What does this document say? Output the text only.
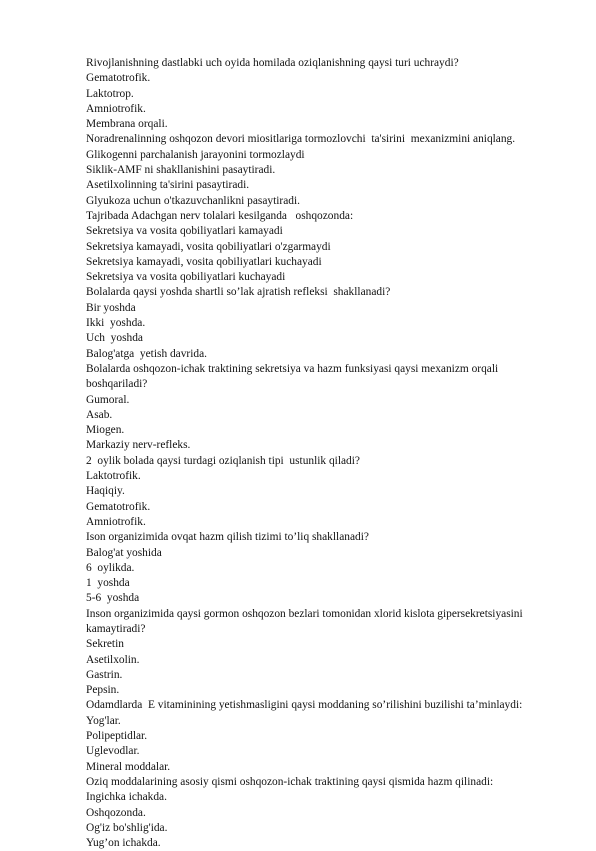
Rivojlanishning dastlabki uch oyida homilada oziqlanishning qaysi turi uchraydi?

Gematotrofik.

Laktotrop.

Amniotrofik.

Membrana orqali.

Noradrenalinning oshqozon devori miositlariga tormozlovchi  ta'sirini  mexanizmini aniqlang.

Glikogenni parchalanish jarayonini tormozlaydi

Siklik-AMF ni shakllanishini pasaytiradi.

Asetilxolinning ta'sirini pasaytiradi.

Glyukoza uchun o'tkazuvchanlikni pasaytiradi.

Tajribada Adachgan nerv tolalari kesilganda   oshqozonda:

Sekretsiya va vosita qobiliyatlari kamayadi

Sekretsiya kamayadi, vosita qobiliyatlari o'zgarmaydi

Sekretsiya kamayadi, vosita qobiliyatlari kuchayadi

Sekretsiya va vosita qobiliyatlari kuchayadi

Bolalarda qaysi yoshda shartli so’lak ajratish refleksi  shakllanadi?

Bir yoshda

Ikki  yoshda.

Uch  yoshda

Balog'atga  yetish davrida.

Bolalarda oshqozon-ichak traktining sekretsiya va hazm funksiyasi qaysi mexanizm orqali

boshqariladi?

Gumoral.

Asab.

Miogen.

Markaziy nerv-refleks.

2  oylik bolada qaysi turdagi oziqlanish tipi  ustunlik qiladi?

Laktotrofik.

Haqiqiy.

Gematotrofik.

Amniotrofik.

Ison organizimida ovqat hazm qilish tizimi to’liq shakllanadi?

Balog'at yoshida

6  oylikda.

1  yoshda

5-6  yoshda

Inson organizimida qaysi gormon oshqozon bezlari tomonidan xlorid kislota gipersekretsiyasini

kamaytiradi?

Sekretin

Asetilxolin.

Gastrin.

Pepsin.

Odamdlarda  E vitaminining yetishmasligini qaysi moddaning so’rilishini buzilishi ta’minlaydi:

Yog'lar.

Polipeptidlar.

Uglevodlar.

Mineral moddalar.

Oziq moddalarining asosiy qismi oshqozon-ichak traktining qaysi qismida hazm qilinadi:

Ingichka ichakda.

Oshqozonda.

Og'iz bo'shlig'ida.

Yug’on ichakda.
